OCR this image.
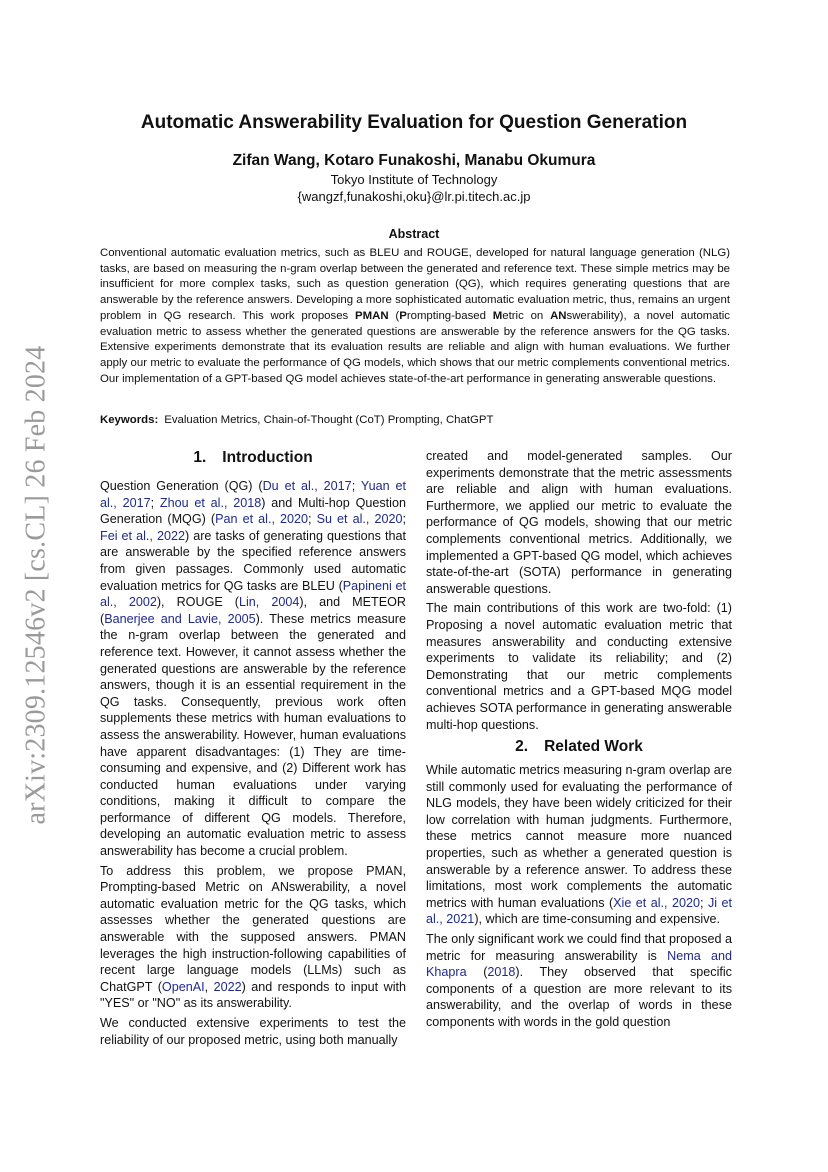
arXiv:2309.12546v2 [cs.CL] 26 Feb 2024
Automatic Answerability Evaluation for Question Generation
Zifan Wang, Kotaro Funakoshi, Manabu Okumura
Tokyo Institute of Technology
{wangzf,funakoshi,oku}@lr.pi.titech.ac.jp
Abstract
Conventional automatic evaluation metrics, such as BLEU and ROUGE, developed for natural language generation (NLG) tasks, are based on measuring the n-gram overlap between the generated and reference text. These simple metrics may be insufficient for more complex tasks, such as question generation (QG), which requires generating questions that are answerable by the reference answers. Developing a more sophisticated automatic evaluation metric, thus, remains an urgent problem in QG research. This work proposes PMAN (Prompting-based Metric on ANswerability), a novel automatic evaluation metric to assess whether the generated questions are answerable by the reference answers for the QG tasks. Extensive experiments demonstrate that its evaluation results are reliable and align with human evaluations. We further apply our metric to evaluate the performance of QG models, which shows that our metric complements conventional metrics. Our implementation of a GPT-based QG model achieves state-of-the-art performance in generating answerable questions.
Keywords: Evaluation Metrics, Chain-of-Thought (CoT) Prompting, ChatGPT
1. Introduction

Question Generation (QG) (Du et al., 2017; Yuan et al., 2017; Zhou et al., 2018) and Multi-hop Question Generation (MQG) (Pan et al., 2020; Su et al., 2020; Fei et al., 2022) are tasks of generating questions that are answerable by the specified reference answers from given passages. Commonly used automatic evaluation metrics for QG tasks are BLEU (Papineni et al., 2002), ROUGE (Lin, 2004), and METEOR (Banerjee and Lavie, 2005). These metrics measure the n-gram overlap between the generated and reference text. However, it cannot assess whether the generated questions are answerable by the reference answers, though it is an essential requirement in the QG tasks. Consequently, previous work often supplements these metrics with human evaluations to assess the answerability. However, human evaluations have apparent disadvantages: (1) They are time-consuming and expensive, and (2) Different work has conducted human evaluations under varying conditions, making it difficult to compare the performance of different QG models. Therefore, developing an automatic evaluation metric to assess answerability has become a crucial problem.

To address this problem, we propose PMAN, Prompting-based Metric on ANswerability, a novel automatic evaluation metric for the QG tasks, which assesses whether the generated questions are answerable with the supposed answers. PMAN leverages the high instruction-following capabilities of recent large language models (LLMs) such as ChatGPT (OpenAI, 2022) and responds to input with "YES" or "NO" as its answerability.

We conducted extensive experiments to test the reliability of our proposed metric, using both manually

created and model-generated samples. Our experiments demonstrate that the metric assessments are reliable and align with human evaluations. Furthermore, we applied our metric to evaluate the performance of QG models, showing that our metric complements conventional metrics. Additionally, we implemented a GPT-based QG model, which achieves state-of-the-art (SOTA) performance in generating answerable questions.

The main contributions of this work are two-fold: (1) Proposing a novel automatic evaluation metric that measures answerability and conducting extensive experiments to validate its reliability; and (2) Demonstrating that our metric complements conventional metrics and a GPT-based MQG model achieves SOTA performance in generating answerable multi-hop questions.

2. Related Work

While automatic metrics measuring n-gram overlap are still commonly used for evaluating the performance of NLG models, they have been widely criticized for their low correlation with human judgments. Furthermore, these metrics cannot measure more nuanced properties, such as whether a generated question is answerable by a reference answer. To address these limitations, most work complements the automatic metrics with human evaluations (Xie et al., 2020; Ji et al., 2021), which are time-consuming and expensive.

The only significant work we could find that proposed a metric for measuring answerability is Nema and Khapra (2018). They observed that specific components of a question are more relevant to its answerability, and the overlap of words in these components with words in the gold question
